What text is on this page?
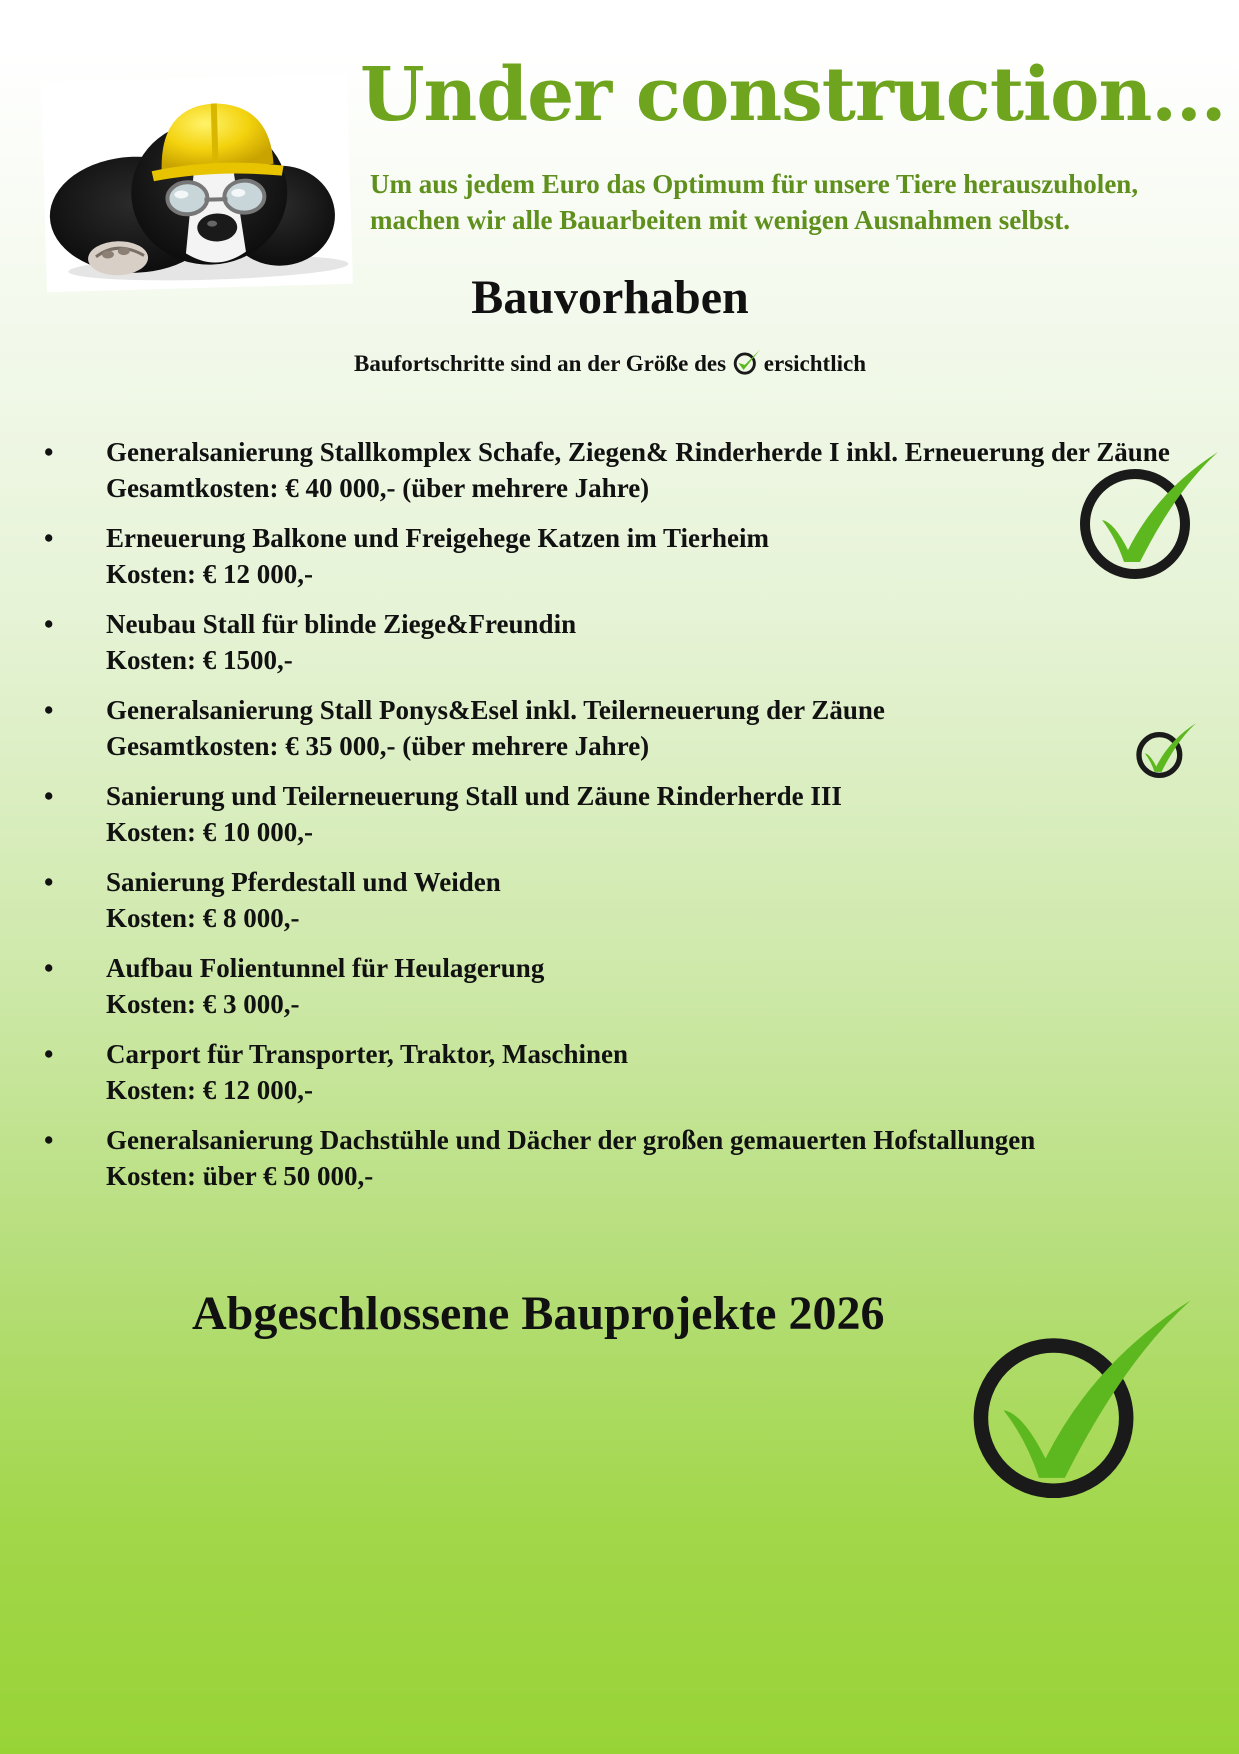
Under construction...

Um aus jedem Euro das Optimum für unsere Tiere herauszuholen, machen wir alle Bauarbeiten mit wenigen Ausnahmen selbst.

Bauvorhaben
Baufortschritte sind an der Größe des ersichtlich
•	Generalsanierung Stallkomplex Schafe, Ziegen& Rinderherde I inkl. Erneuerung der Zäune
Gesamtkosten: € 40 000,- (über mehrere Jahre)
•	Erneuerung Balkone und Freigehege Katzen im Tierheim
Kosten: € 12 000,-
•	Neubau Stall für blinde Ziege&Freundin
Kosten: € 1500,-
•	Generalsanierung Stall Ponys&Esel inkl. Teilerneuerung der Zäune
Gesamtkosten: € 35 000,- (über mehrere Jahre)
•	Sanierung und Teilerneuerung Stall und Zäune Rinderherde III
Kosten: € 10 000,-
•	Sanierung Pferdestall und Weiden
Kosten: € 8 000,-
•	Aufbau Folientunnel für Heulagerung
Kosten: € 3 000,-
•	Carport für Transporter, Traktor, Maschinen
Kosten: € 12 000,-
•	Generalsanierung Dachstühle und Dächer der großen gemauerten Hofstallungen
Kosten: über € 50 000,-
Abgeschlossene Bauprojekte 2026
